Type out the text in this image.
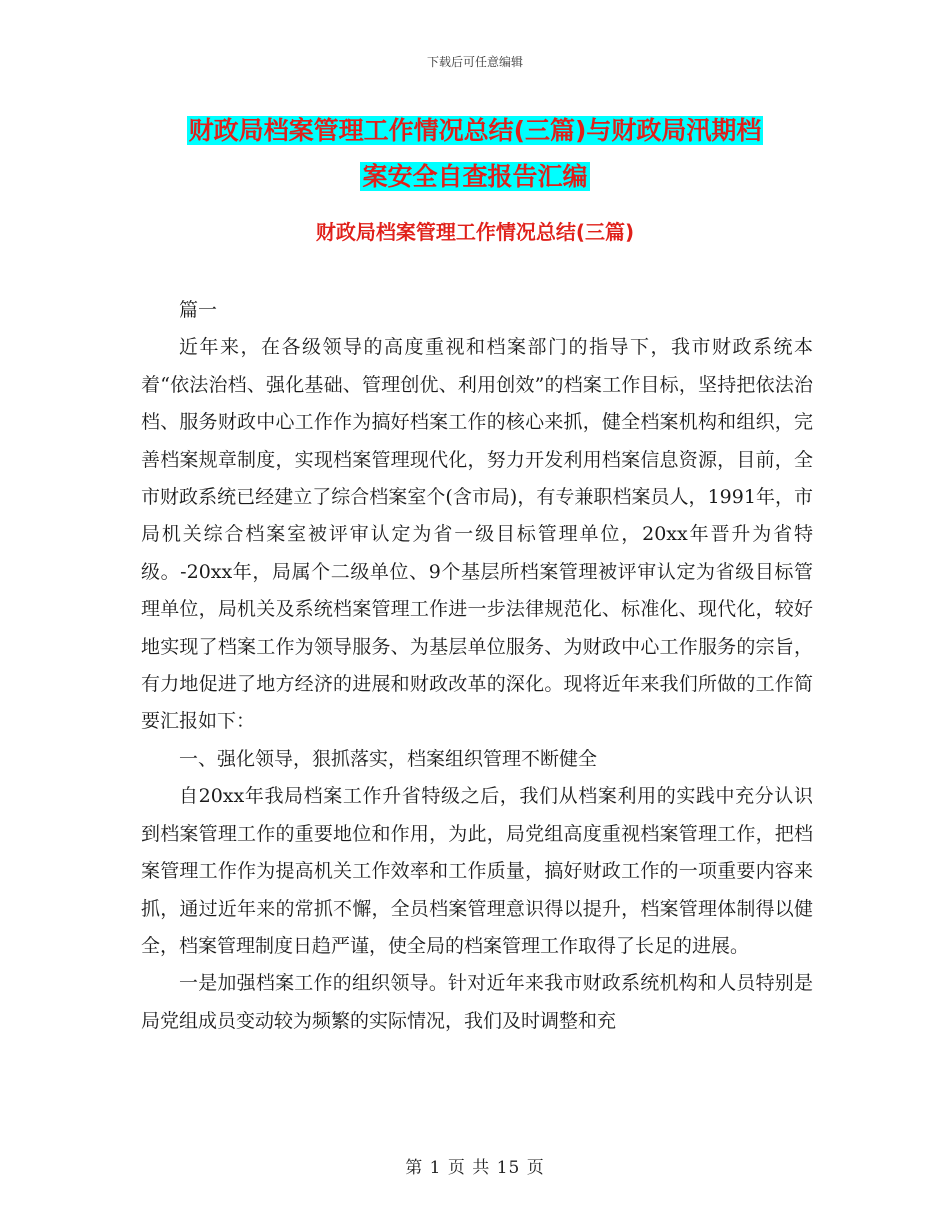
下载后可任意编辑
财政局档案管理工作情况总结(三篇)与财政局汛期档
案安全自查报告汇编
财政局档案管理工作情况总结(三篇)

篇一

近年来，在各级领导的高度重视和档案部门的指导下，我市财政系统本着“依法治档、强化基础、管理创优、利用创效”的档案工作目标，坚持把依法治档、服务财政中心工作作为搞好档案工作的核心来抓，健全档案机构和组织，完善档案规章制度，实现档案管理现代化，努力开发利用档案信息资源，目前，全市财政系统已经建立了综合档案室个(含市局)，有专兼职档案员人，1991年，市局机关综合档案室被评审认定为省一级目标管理单位，20xx年晋升为省特级。-20xx年，局属个二级单位、9个基层所档案管理被评审认定为省级目标管理单位，局机关及系统档案管理工作进一步法律规范化、标准化、现代化，较好地实现了档案工作为领导服务、为基层单位服务、为财政中心工作服务的宗旨，有力地促进了地方经济的进展和财政改革的深化。现将近年来我们所做的工作简要汇报如下：

一、强化领导，狠抓落实，档案组织管理不断健全

自20xx年我局档案工作升省特级之后，我们从档案利用的实践中充分认识到档案管理工作的重要地位和作用，为此，局党组高度重视档案管理工作，把档案管理工作作为提高机关工作效率和工作质量，搞好财政工作的一项重要内容来抓，通过近年来的常抓不懈，全员档案管理意识得以提升，档案管理体制得以健全，档案管理制度日趋严谨，使全局的档案管理工作取得了长足的进展。

一是加强档案工作的组织领导。针对近年来我市财政系统机构和人员特别是局党组成员变动较为频繁的实际情况，我们及时调整和充

第 1 页 共 15 页
